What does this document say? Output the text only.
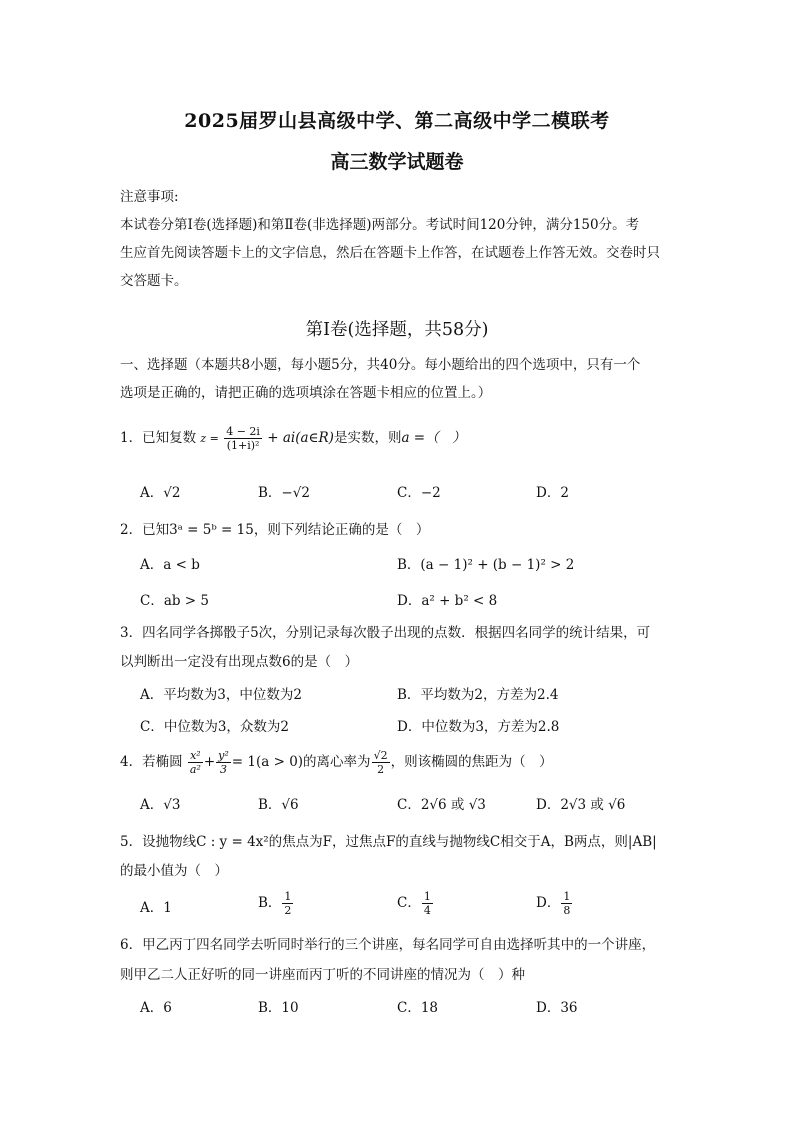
2025届罗山县高级中学、第二高级中学二模联考
高三数学试题卷
注意事项:
本试卷分第Ⅰ卷(选择题)和第Ⅱ卷(非选择题)两部分。考试时间120分钟，满分150分。考
生应首先阅读答题卡上的文字信息，然后在答题卡上作答，在试题卷上作答无效。交卷时只
交答题卡。
第Ⅰ卷(选择题，共58分)
一、选择题（本题共8小题，每小题5分，共40分。每小题给出的四个选项中，只有一个
选项是正确的，请把正确的选项填涂在答题卡相应的位置上。）
1．已知复数 $z = \frac{4 - 2i}{\text{(1+i)²}}$ + ai(a∈R)是实数，则a =（　）
A．√2	B．−√2	C．−2	D．2
2．已知3ᵃ = 5ᵇ = 15，则下列结论正确的是（　）
A．a < b	B．(a − 1)² + (b − 1)² > 2
C．ab > 5	D．a² + b² < 8
3．四名同学各掷骰子5次，分别记录每次骰子出现的点数．根据四名同学的统计结果，可
以判断出一定没有出现点数6的是（　）
A．平均数为3，中位数为2	B．平均数为2，方差为2.4
C．中位数为3，众数为2	D．中位数为3，方差为2.8
4．若椭圆 $\frac{\text{x²}}{\text{a²}} + \frac{\text{y²}}{3} = 1(a > 0)$的离心率为 $\frac{√2}{2}$ ，则该椭圆的焦距为（　）
A．√3	B．√6	C．2√6 或 √3	D．2√3 或 √6
5．设抛物线C : y = 4x²的焦点为F，过焦点F的直线与抛物线C相交于A，B两点，则|AB|
的最小值为（　）
A．1	B． $\frac{1}{2}$	C． $\frac{1}{4}$	D． $\frac{1}{8}$
6．甲乙丙丁四名同学去听同时举行的三个讲座，每名同学可自由选择听其中的一个讲座，
则甲乙二人正好听的同一讲座而丙丁听的不同讲座的情况为（　）种
A．6	B．10	C．18	D．36
